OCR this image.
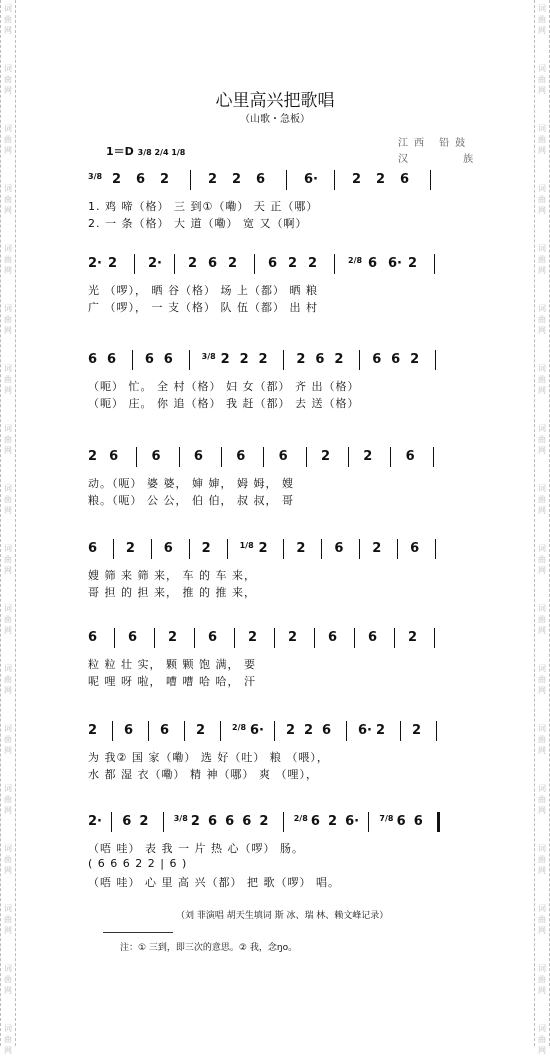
词
曲
网
词
曲
网
词
曲
网
词
曲
网
词
曲
网
词
曲
网
词
曲
网
词
曲
网
词
曲
网
词
曲
网
词
曲
网
词
曲
网
词
曲
网
词
曲
网
词
曲
网
词
曲
网
词
曲
网
词
曲
网
词
曲
网
词
曲
网
词
曲
网
词
曲
网
词
曲
网
词
曲
网
词
曲
网
词
曲
网
词
曲
网
词
曲
网
词
曲
网
词
曲
网
词
曲
网
词
曲
网
词
曲
网
词
曲
网
词
曲
网
词
曲
网
心里高兴把歌唱
（山歌・急板）
1＝D 3/8 2/4 1/8
江西 铅鼓
汉 族
3/8 2 6 2	2 2 6	6·	2 2 6
1. 鸡 啼（格） 三 到①（嘞） 天 正（哪）
2. 一 条（格） 大 道（嘞） 宽 又（啊）
2· 2 2· 2 6 2 6 2 2	2/8 6 6· 2
光 （啰）， 晒 谷（格） 场 上（都） 晒 粮
广 （啰）， 一 支（格） 队 伍（都） 出 村
6 6 6 6	3/8 2 2 2 2 6 2 6 6 2
（呃） 忙。 全 村（格） 妇 女（都） 齐 出（格）
（呃） 庄。 你 追（格） 我 赶（都） 去 送（格）
2 6	6	6	6	6	2	2	6
动。（呃） 婆 婆， 婶 婶， 姆 姆， 嫂
粮。（呃） 公 公， 伯 伯， 叔 叔， 哥
6 2 6 2	1/8 2 2 6 2 6
嫂 筛 来 筛 来， 车 的 车 来，
哥 担 的 担 来， 推 的 推 来，
6 6 2 6 2 2 6 6 2
粒 粒 壮 实， 颗 颗 饱 满， 要
呢 哩 呀 啦， 嘈 嘈 哈 哈， 汗
2 6 6 2	2/8 6· 2 2 6 6· 2 2
为 我② 国 家（嘞） 选 好（吐） 粮 （喂），
水 都 湿 衣（嘞） 精 神（哪） 爽 （哩），
2· 6 2	3/8 2 6 6 6 2	2/8 6 2 6·	7/8 6 6
（唔 哇） 表 我 一 片 热 心（啰） 肠。
( 6 6 6 2 2 | 6 )
（唔 哇） 心 里 高 兴（都） 把 歌（啰） 唱。
（刘 菲演唱 胡天生填词 斯 冰、瑞 林、赖文峰记录）
注：① 三到，即三次的意思。② 我，念ŋo。
